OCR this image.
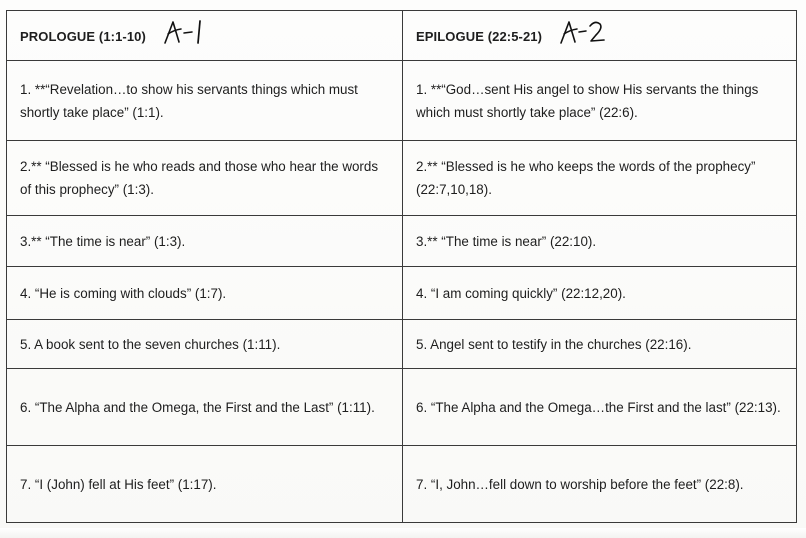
PROLOGUE (1:1-10)	EPILOGUE (22:5-21)

1. **“Revelation…to show his servants things which must shortly take place” (1:1).	1. **“God…sent His angel to show His servants the things which must shortly take place” (22:6).
2.** “Blessed is he who reads and those who hear the words of this prophecy” (1:3).	2.** “Blessed is he who keeps the words of the prophecy” (22:7,10,18).
3.** “The time is near” (1:3).	3.** “The time is near” (22:10).
4. “He is coming with clouds” (1:7).	4. “I am coming quickly” (22:12,20).
5. A book sent to the seven churches (1:11).	5. Angel sent to testify in the churches (22:16).
6. “The Alpha and the Omega, the First and the Last” (1:11).	6. “The Alpha and the Omega…the First and the last” (22:13).
7. “I (John) fell at His feet” (1:17).	7. “I, John…fell down to worship before the feet” (22:8).
